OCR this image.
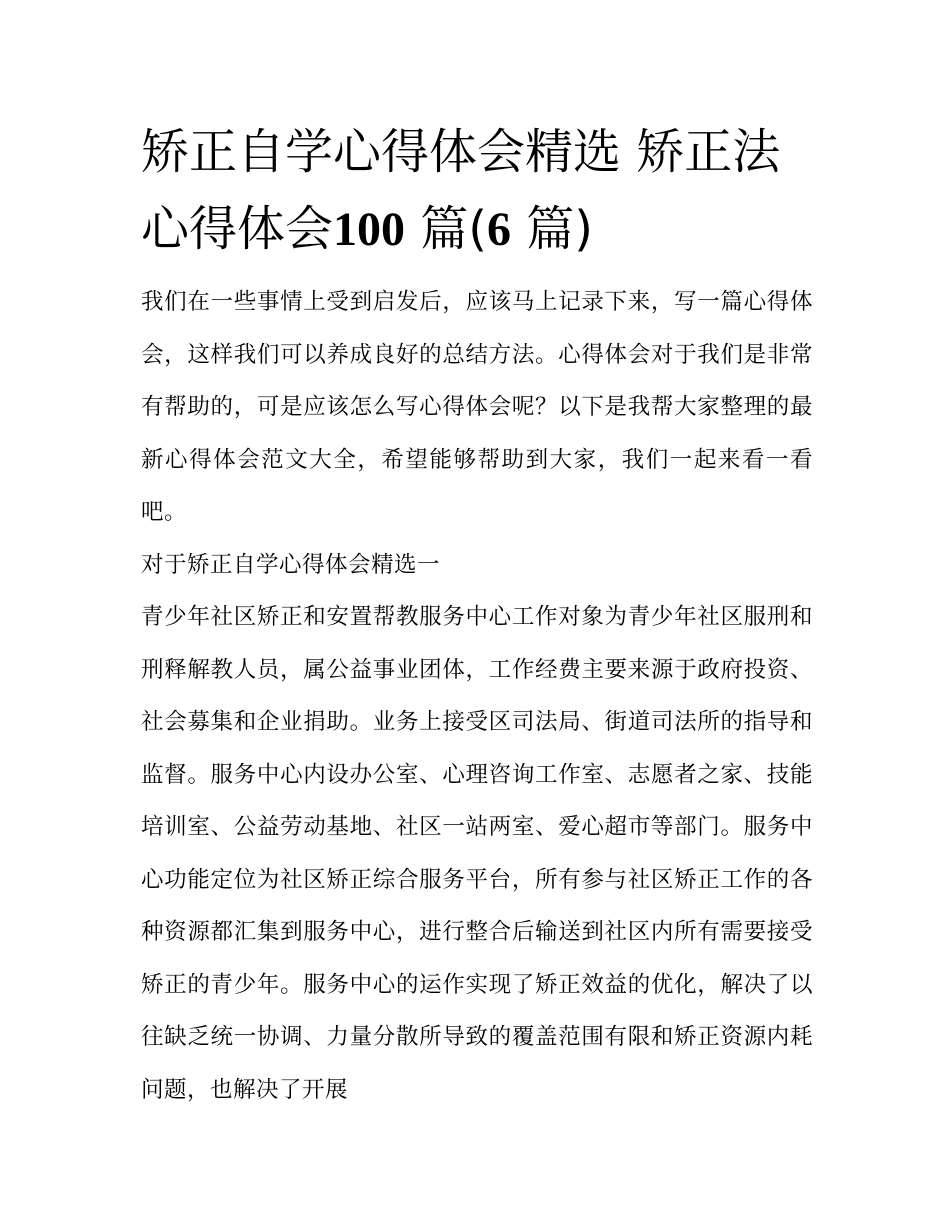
矫正自学心得体会精选 矫正法心得体会100 篇(6 篇)

我们在一些事情上受到启发后，应该马上记录下来，写一篇心得体会，这样我们可以养成良好的总结方法。心得体会对于我们是非常有帮助的，可是应该怎么写心得体会呢？以下是我帮大家整理的最新心得体会范文大全，希望能够帮助到大家，我们一起来看一看吧。

对于矫正自学心得体会精选一

青少年社区矫正和安置帮教服务中心工作对象为青少年社区服刑和刑释解教人员，属公益事业团体，工作经费主要来源于政府投资、社会募集和企业捐助。业务上接受区司法局、街道司法所的指导和监督。服务中心内设办公室、心理咨询工作室、志愿者之家、技能培训室、公益劳动基地、社区一站两室、爱心超市等部门。服务中心功能定位为社区矫正综合服务平台，所有参与社区矫正工作的各种资源都汇集到服务中心，进行整合后输送到社区内所有需要接受矫正的青少年。服务中心的运作实现了矫正效益的优化，解决了以往缺乏统一协调、力量分散所导致的覆盖范围有限和矫正资源内耗问题，也解决了开展
